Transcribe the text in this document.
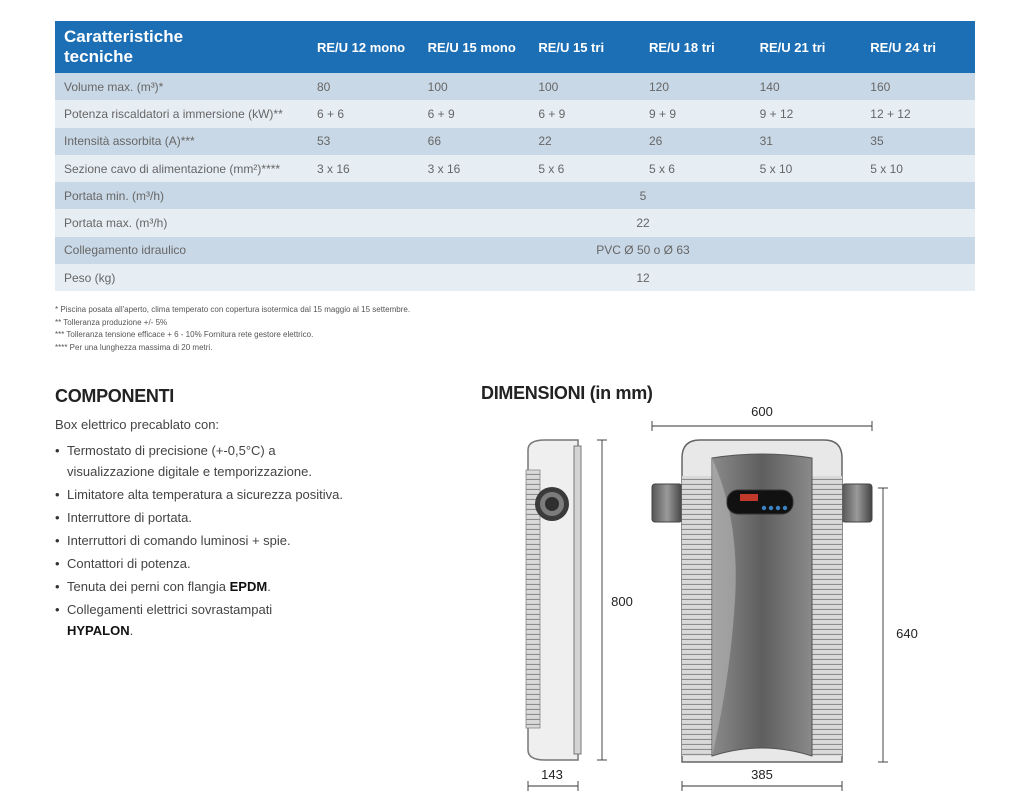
Caratteristiche
tecniche	RE/U 12 mono	RE/U 15 mono	RE/U 15 tri	RE/U 18 tri	RE/U 21 tri	RE/U 24 tri
Volume max. (m³)*	80	100	100	120	140	160
Potenza riscaldatori a immersione (kW)**	6 + 6	6 + 9	6 + 9	9 + 9	9 + 12	12 + 12
Intensità assorbita (A)***	53	66	22	26	31	35
Sezione cavo di alimentazione (mm²)****	3 x 16	3 x 16	5 x 6	5 x 6	5 x 10	5 x 10
Portata min. (m³/h)	5					
Portata max. (m³/h)	22					
Collegamento idraulico	PVC Ø 50 o Ø 63					
Peso (kg)	12					
* Piscina posata all'aperto, clima temperato con copertura isotermica dal 15 maggio al 15 settembre.
** Tolleranza produzione +/- 5%
*** Tolleranza tensione efficace + 6 - 10% Fornitura rete gestore elettrico.
**** Per una lunghezza massima di 20 metri.
COMPONENTI
Box elettrico precablato con:
• Termostato di precisione (+-0,5°C) a visualizzazione digitale e temporizzazione.
• Limitatore alta temperatura a sicurezza positiva.
• Interruttore di portata.
• Interruttori di comando luminosi + spie.
• Contattori di potenza.
• Tenuta dei perni con flangia EPDM.
• Collegamenti elettrici sovrastampati
HYPALON.
DIMENSIONI (in mm)
600
800
640
143	385
